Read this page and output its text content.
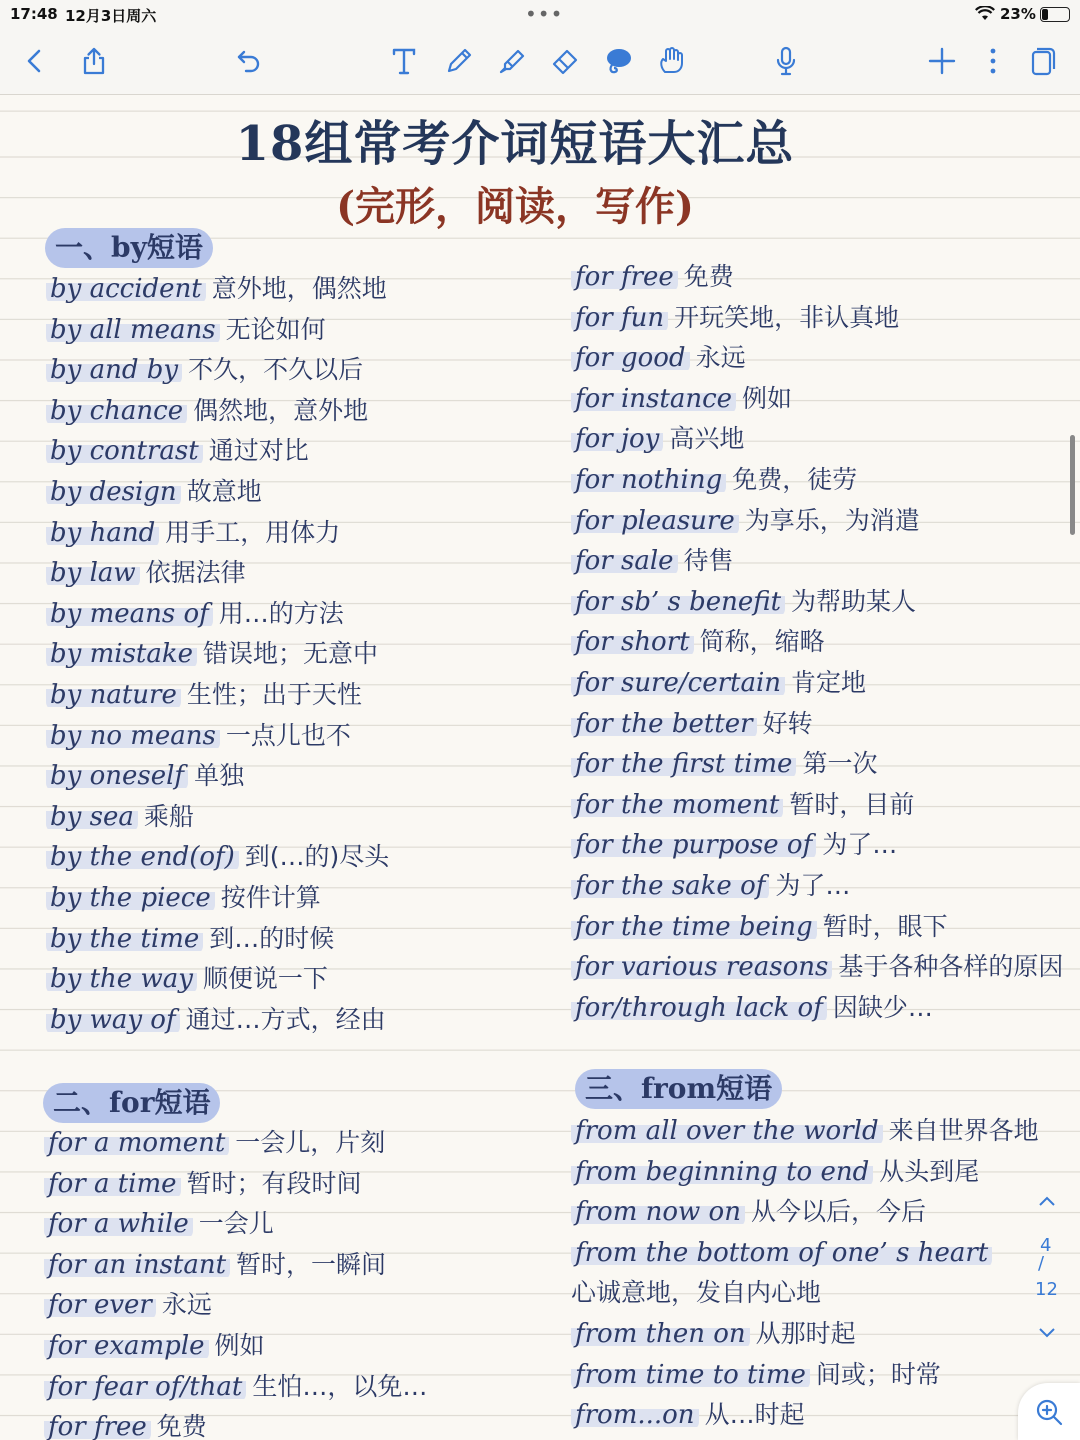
17:48 12月3日周六	•••	23%
18组常考介词短语大汇总
(完形，阅读，写作)
一、by短语
by accident 意外地，偶然地
by all means 无论如何
by and by 不久，不久以后
by chance 偶然地，意外地
by contrast 通过对比
by design 故意地
by hand 用手工，用体力
by law 依据法律
by means of 用…的方法
by mistake 错误地；无意中
by nature 生性；出于天性
by no means 一点儿也不
by oneself 单独
by sea 乘船
by the end(of) 到(…的)尽头
by the piece 按件计算
by the time 到…的时候
by the way 顺便说一下
by way of 通过…方式，经由
for free 免费
for fun 开玩笑地，非认真地
for good 永远
for instance 例如
for joy 高兴地
for nothing 免费，徒劳
for pleasure 为享乐，为消遣
for sale 待售
for sb’ s benefit 为帮助某人
for short 简称，缩略
for sure/certain 肯定地
for the better 好转
for the first time 第一次
for the moment 暂时，目前
for the purpose of 为了…
for the sake of 为了…
for the time being 暂时，眼下
for various reasons 基于各种各样的原因
for/through lack of 因缺少…
二、for短语
for a moment 一会儿，片刻
for a time 暂时；有段时间
for a while 一会儿
for an instant 暂时，一瞬间
for ever 永远
for example 例如
for fear of/that 生怕…，以免…
for free 免费
三、from短语
from all over the world 来自世界各地
from beginning to end 从头到尾
from now on 从今以后，今后
from the bottom of one’ s heart
心诚意地，发自内心地
from then on 从那时起
from time to time 间或；时常
from...on 从…时起
4
/
12
